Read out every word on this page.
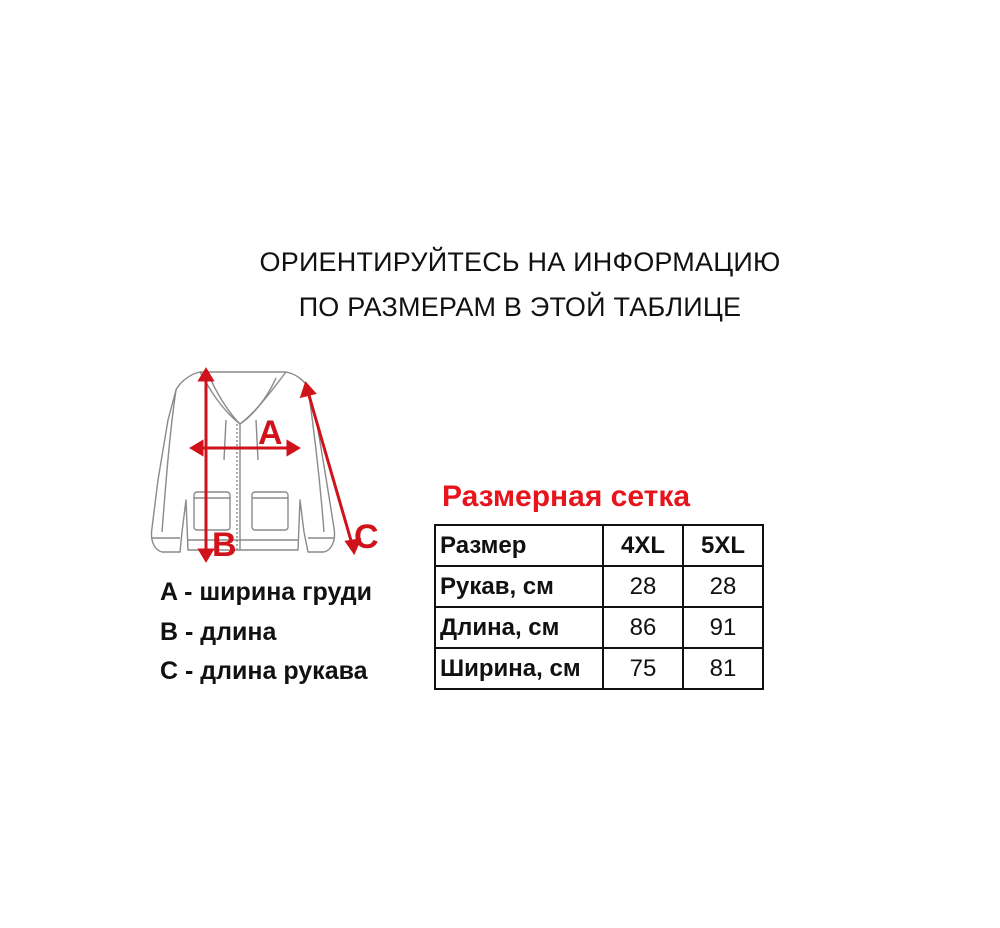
ОРИЕНТИРУЙТЕСЬ НА ИНФОРМАЦИЮ
ПО РАЗМЕРАМ В ЭТОЙ ТАБЛИЦЕ
A
B	C
A - ширина груди
B - длина
C - длина рукава
Размерная сетка
Размер	4XL	5XL
Рукав, см	28	28
Длина, см	86	91
Ширина, см	75	81
